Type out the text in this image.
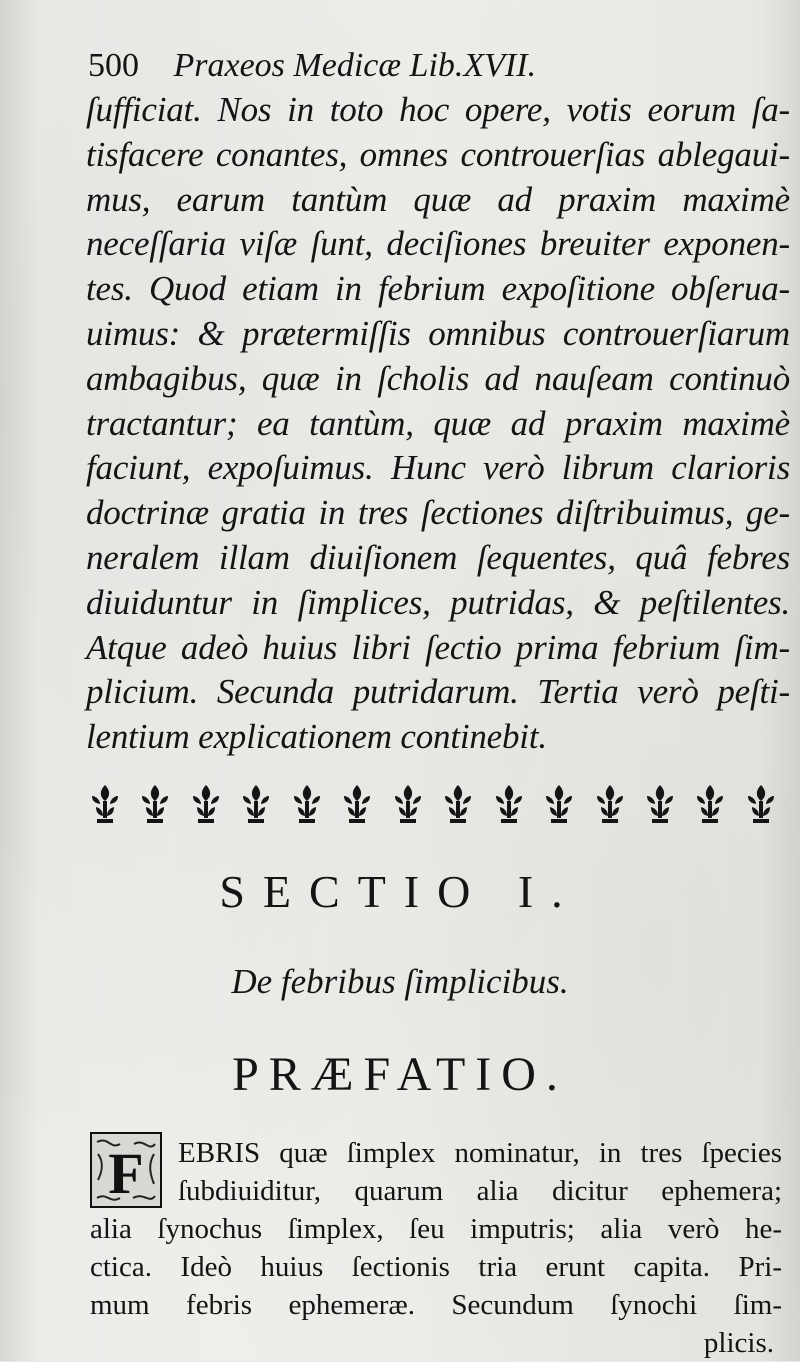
500 Praxeos Medicæ Lib.XVII.
ſufficiat. Nos in toto hoc opere, votis eorum ſa-
tisfacere conantes, omnes controuerſias ablegaui-
mus, earum tantùm quæ ad praxim maximè
neceſſaria viſæ ſunt, deciſiones breuiter exponen-
tes. Quod etiam in febrium expoſitione obſerua-
uimus: & prætermiſſis omnibus controuerſiarum
ambagibus, quæ in ſcholis ad nauſeam continuò
tractantur; ea tantùm, quæ ad praxim maximè
faciunt, expoſuimus. Hunc verò librum clarioris
doctrinæ gratia in tres ſectiones diſtribuimus, ge-
neralem illam diuiſionem ſequentes, quâ febres
diuiduntur in ſimplices, putridas, & peſtilentes.
Atque adeò huius libri ſectio prima febrium ſim-
plicium. Secunda putridarum. Tertia verò peſti-
lentium explicationem continebit.
SECTIO I.
De febribus ſimplicibus.
PRÆFATIO.
F EBRIS quæ ſimplex nominatur, in tres ſpecies
ſubdiuiditur, quarum alia dicitur ephemera;
alia ſynochus ſimplex, ſeu imputris; alia verò he-
ctica. Ideò huius ſectionis tria erunt capita. Pri-
mum febris ephemeræ. Secundum ſynochi ſim-
plicis.
